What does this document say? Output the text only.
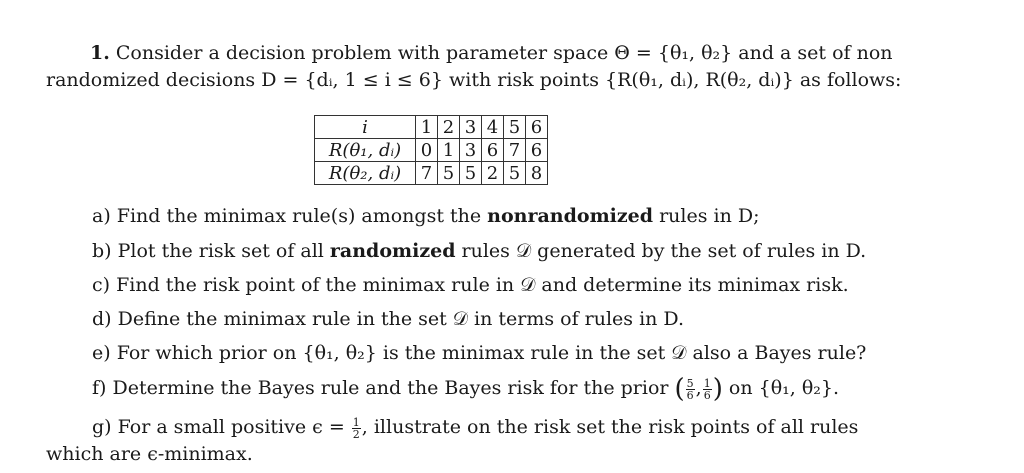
1. Consider a decision problem with parameter space Θ = {θ₁, θ₂} and a set of non
randomized decisions D = {dᵢ, 1 ≤ i ≤ 6} with risk points {R(θ₁, dᵢ), R(θ₂, dᵢ)} as follows:
i	1	2	3	4	5	6
R(θ₁, dᵢ)	0	1	3	6	7	6
R(θ₂, dᵢ)	7	5	5	2	5	8
a) Find the minimax rule(s) amongst the nonrandomized rules in D;
b) Plot the risk set of all randomized rules 𝒟 generated by the set of rules in D.
c) Find the risk point of the minimax rule in 𝒟 and determine its minimax risk.
d) Define the minimax rule in the set 𝒟 in terms of rules in D.
e) For which prior on {θ₁, θ₂} is the minimax rule in the set 𝒟 also a Bayes rule?
f) Determine the Bayes rule and the Bayes risk for the prior ( $\frac{5}{6}$ , $\frac{1}{6}$ ) on {θ₁, θ₂}.
g) For a small positive $\epsilon = \frac{1}{2}$ , illustrate on the risk set the risk points of all rules
which are ϵ-minimax.
